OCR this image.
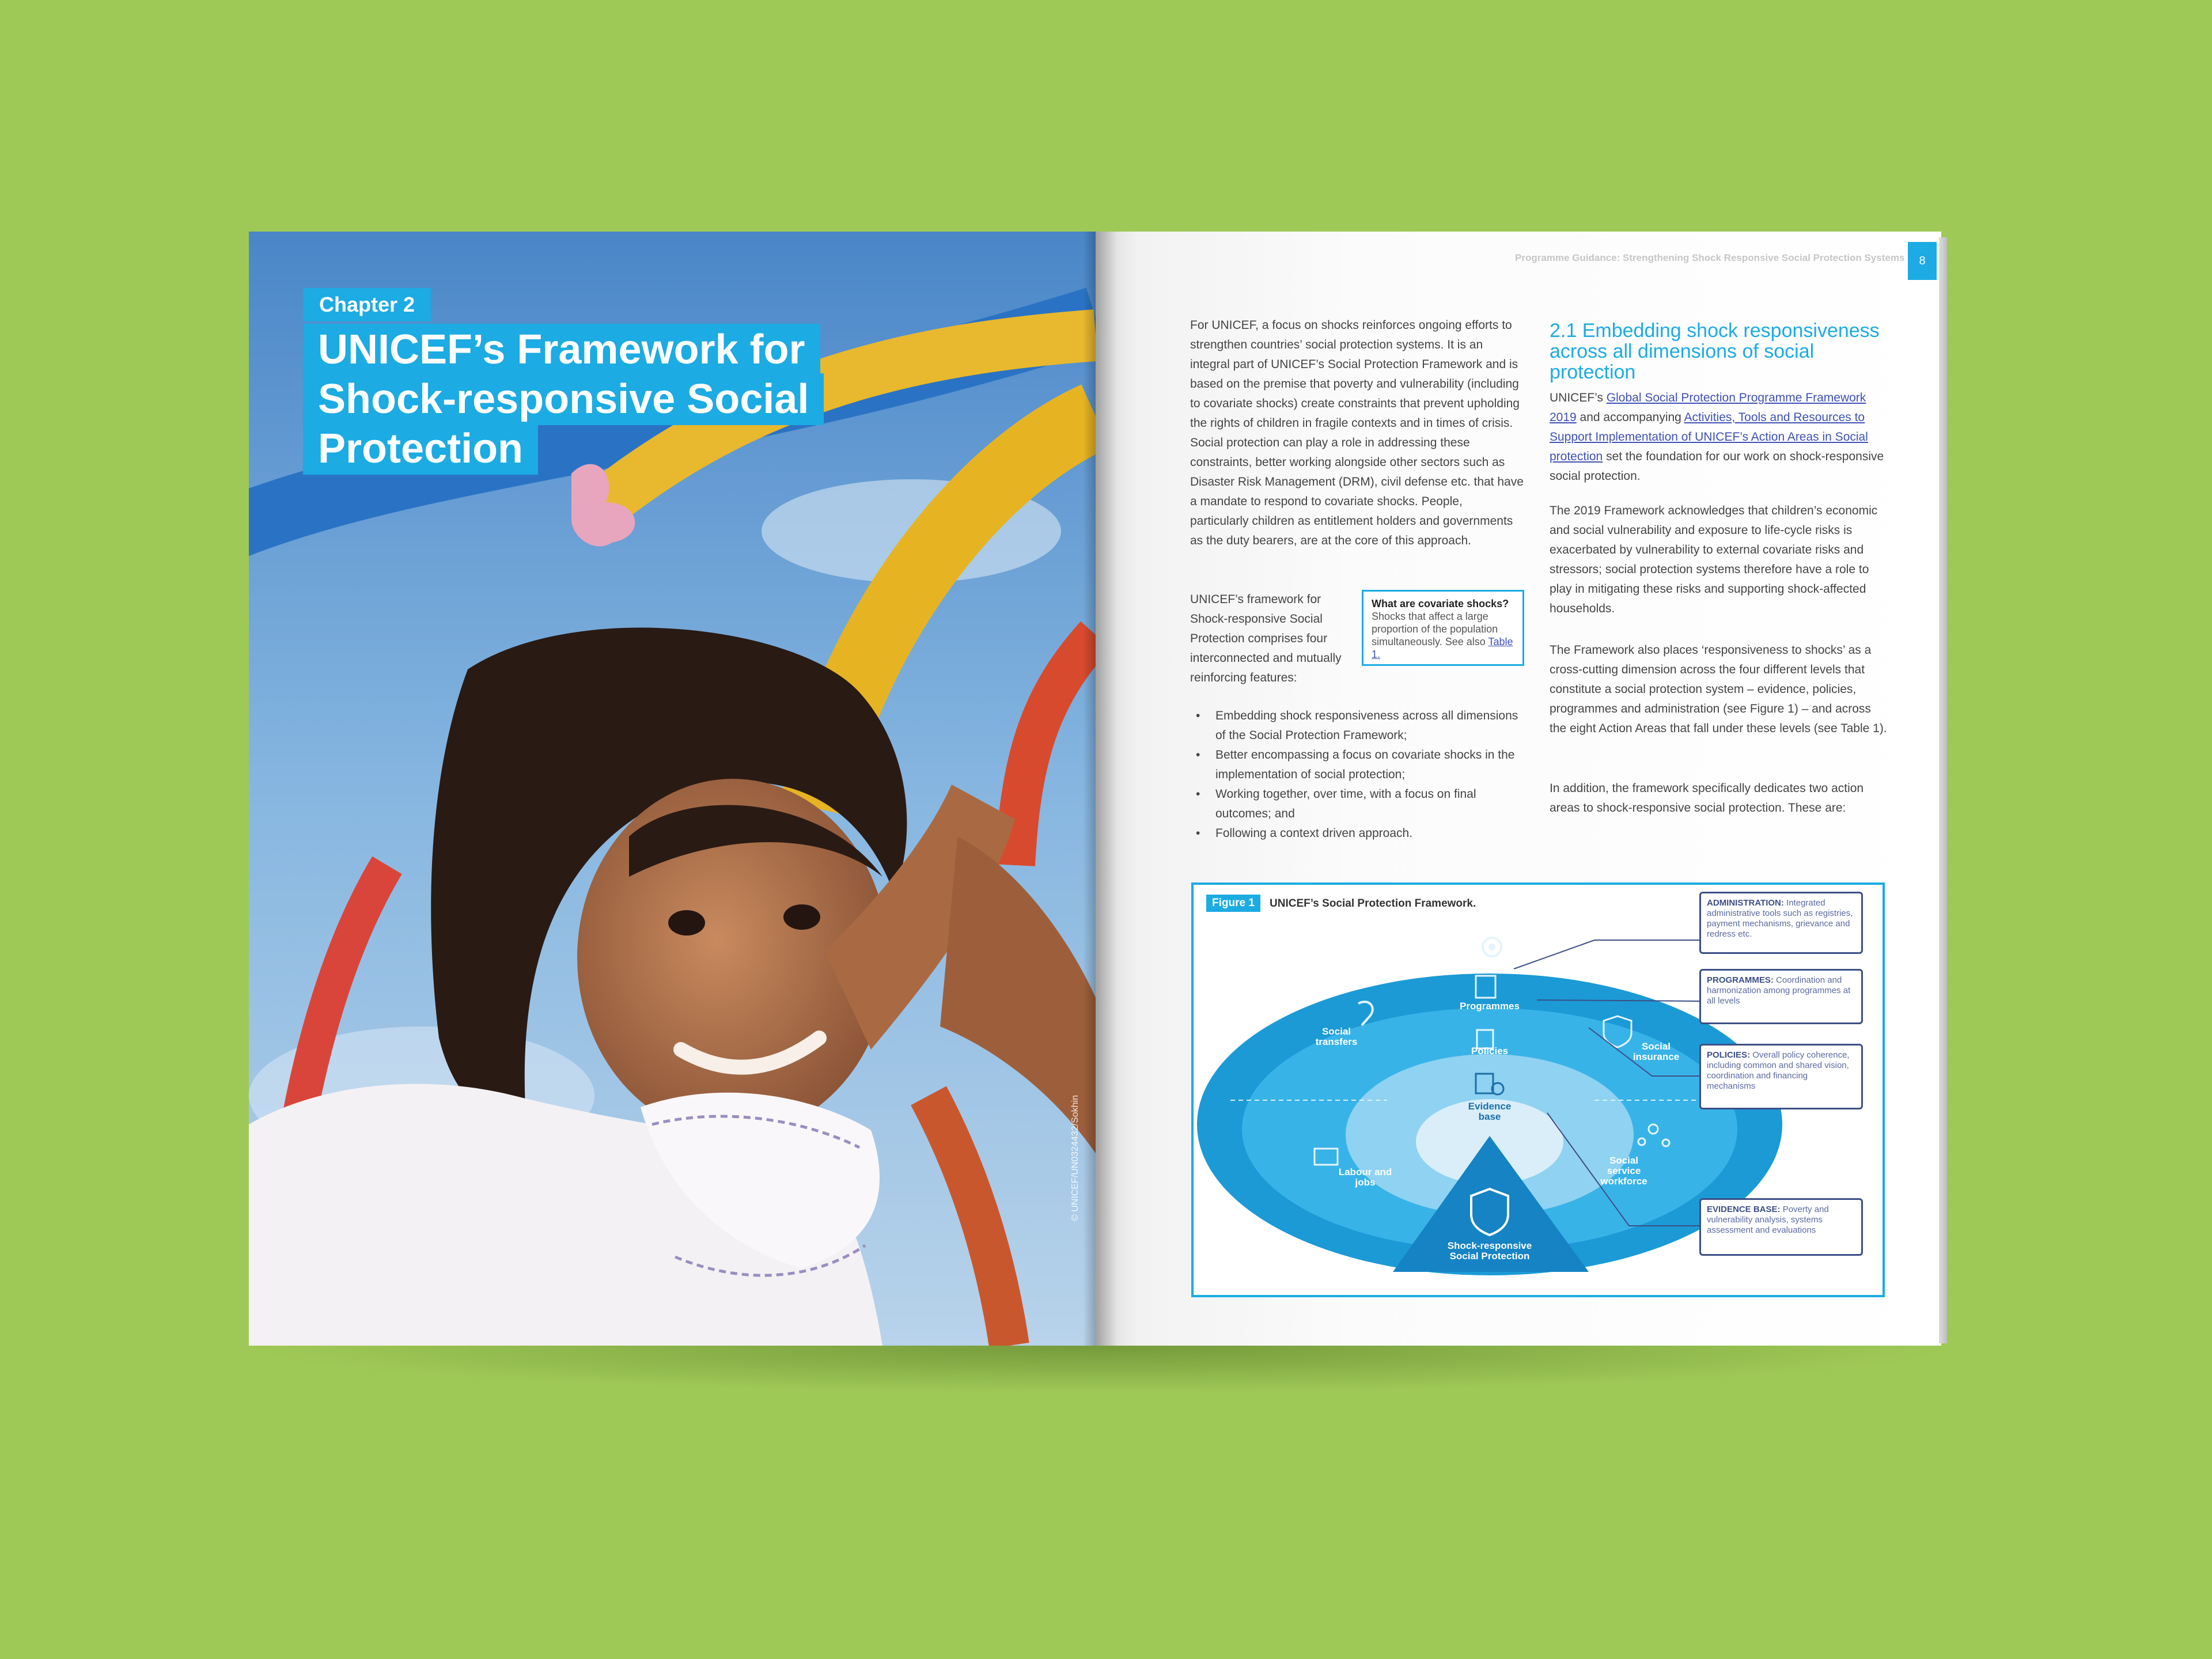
Chapter 2
UNICEF’s Framework for
Shock-responsive Social
Protection
© UNICEF/UN0324432/Sokhin
Programme Guidance: Strengthening Shock Responsive Social Protection Systems	8
For UNICEF, a focus on shocks reinforces ongoing efforts to strengthen countries’ social protection systems. It is an integral part of UNICEF’s Social Protection Framework and is based on the premise that poverty and vulnerability (including to covariate shocks) create constraints that prevent upholding the rights of children in fragile contexts and in times of crisis. Social protection can play a role in addressing these constraints, better working alongside other sectors such as Disaster Risk Management (DRM), civil defense etc. that have a mandate to respond to covariate shocks. People, particularly children as entitlement holders and governments as the duty bearers, are at the core of this approach.
UNICEF’s framework for Shock-responsive Social Protection comprises four interconnected and mutually reinforcing features:
What are covariate shocks?
Shocks that affect a large proportion of the population simultaneously. See also Table 1.
• Embedding shock responsiveness across all dimensions of the Social Protection Framework;
• Better encompassing a focus on covariate shocks in the implementation of social protection;
• Working together, over time, with a focus on final outcomes; and
• Following a context driven approach.
2.1 Embedding shock responsiveness across all dimensions of social protection
UNICEF’s Global Social Protection Programme Framework 2019 and accompanying Activities, Tools and Resources to Support Implementation of UNICEF’s Action Areas in Social protection set the foundation for our work on shock-responsive social protection.
The 2019 Framework acknowledges that children’s economic and social vulnerability and exposure to life-cycle risks is exacerbated by vulnerability to external covariate risks and stressors; social protection systems therefore have a role to play in mitigating these risks and supporting shock-affected households.
The Framework also places ‘responsiveness to shocks’ as a cross-cutting dimension across the four different levels that constitute a social protection system – evidence, policies, programmes and administration (see Figure 1) – and across the eight Action Areas that fall under these levels (see Table 1).
In addition, the framework specifically dedicates two action areas to shock-responsive social protection. These are:
Figure 1	UNICEF’s Social Protection Framework.
Administration
Programmes
Policies
Evidence base
Social transfers	Social insurance
Labour and jobs
Social service workforce
Shock-responsive Social Protection
ADMINISTRATION: Integrated administrative tools such as registries, payment mechanisms, grievance and redress etc.
PROGRAMMES: Coordination and harmonization among programmes at all levels
POLICIES: Overall policy coherence, including common and shared vision, coordination and financing mechanisms
EVIDENCE BASE: Poverty and vulnerability analysis, systems assessment and evaluations
